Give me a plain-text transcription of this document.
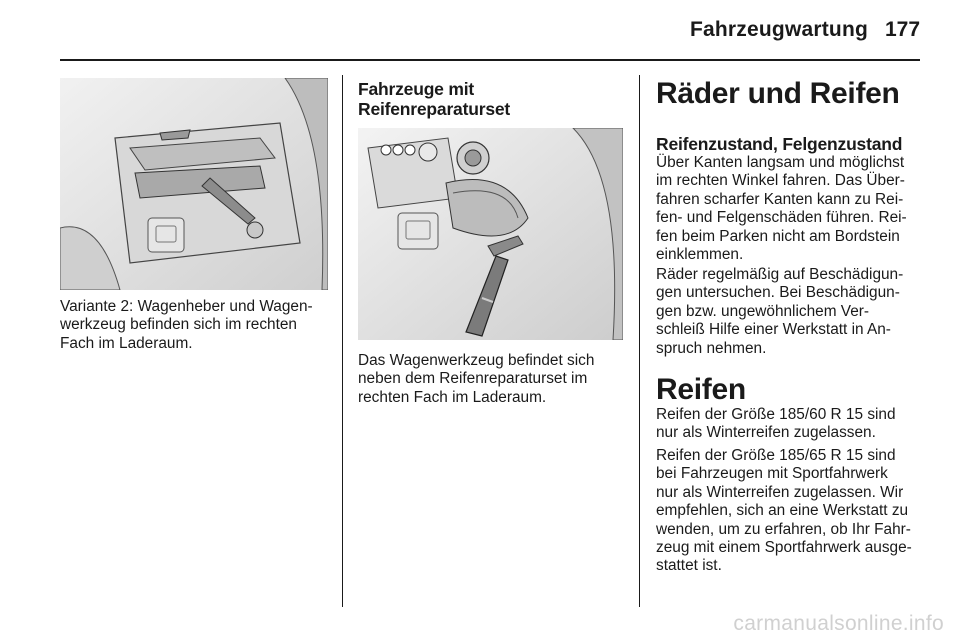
Fahrzeugwartung 177

Variante 2: Wagenheber und Wagen-
werkzeug befinden sich im rechten
Fach im Laderaum.

Fahrzeuge mit
Reifenreparaturset

Das Wagenwerkzeug befindet sich
neben dem Reifenreparaturset im
rechten Fach im Laderaum.

Räder und Reifen
Reifenzustand, Felgenzustand

Über Kanten langsam und möglichst
im rechten Winkel fahren. Das Über-
fahren scharfer Kanten kann zu Rei-
fen- und Felgenschäden führen. Rei-
fen beim Parken nicht am Bordstein
einklemmen.

Räder regelmäßig auf Beschädigun-
gen untersuchen. Bei Beschädigun-
gen bzw. ungewöhnlichem Ver-
schleiß Hilfe einer Werkstatt in An-
spruch nehmen.

Reifen

Reifen der Größe 185/60 R 15 sind
nur als Winterreifen zugelassen.

Reifen der Größe 185/65 R 15 sind
bei Fahrzeugen mit Sportfahrwerk
nur als Winterreifen zugelassen. Wir
empfehlen, sich an eine Werkstatt zu
wenden, um zu erfahren, ob Ihr Fahr-
zeug mit einem Sportfahrwerk ausge-
stattet ist.

carmanualsonline.info
